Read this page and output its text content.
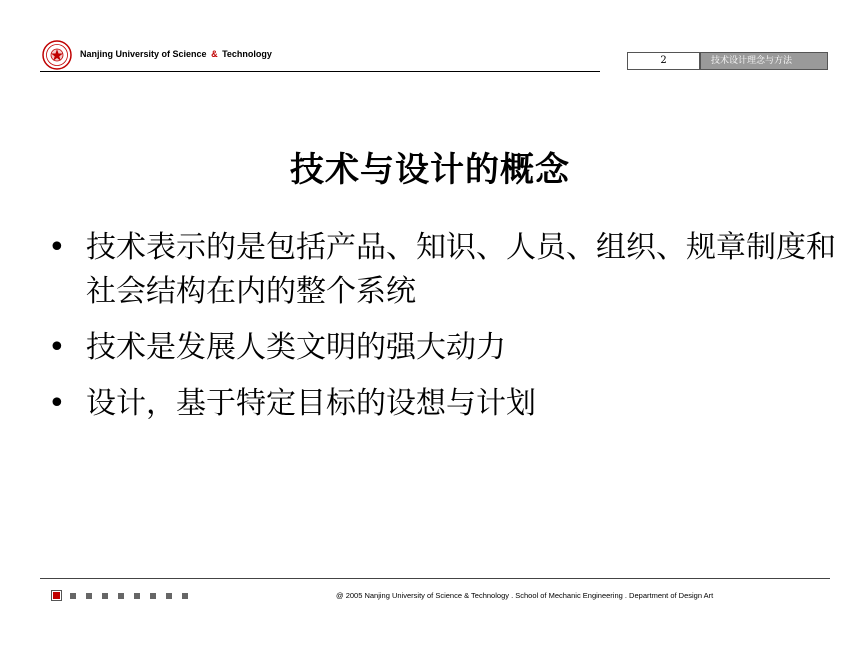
Nanjing University of Science & Technology
2	技术设计理念与方法
技术与设计的概念
• 技术表示的是包括产品、知识、人员、组织、规章制度和社会结构在内的整个系统
• 技术是发展人类文明的强大动力
• 设计，基于特定目标的设想与计划
@ 2005 Nanjing University of Science & Technology . School of Mechanic Engineering . Department of Design Art
